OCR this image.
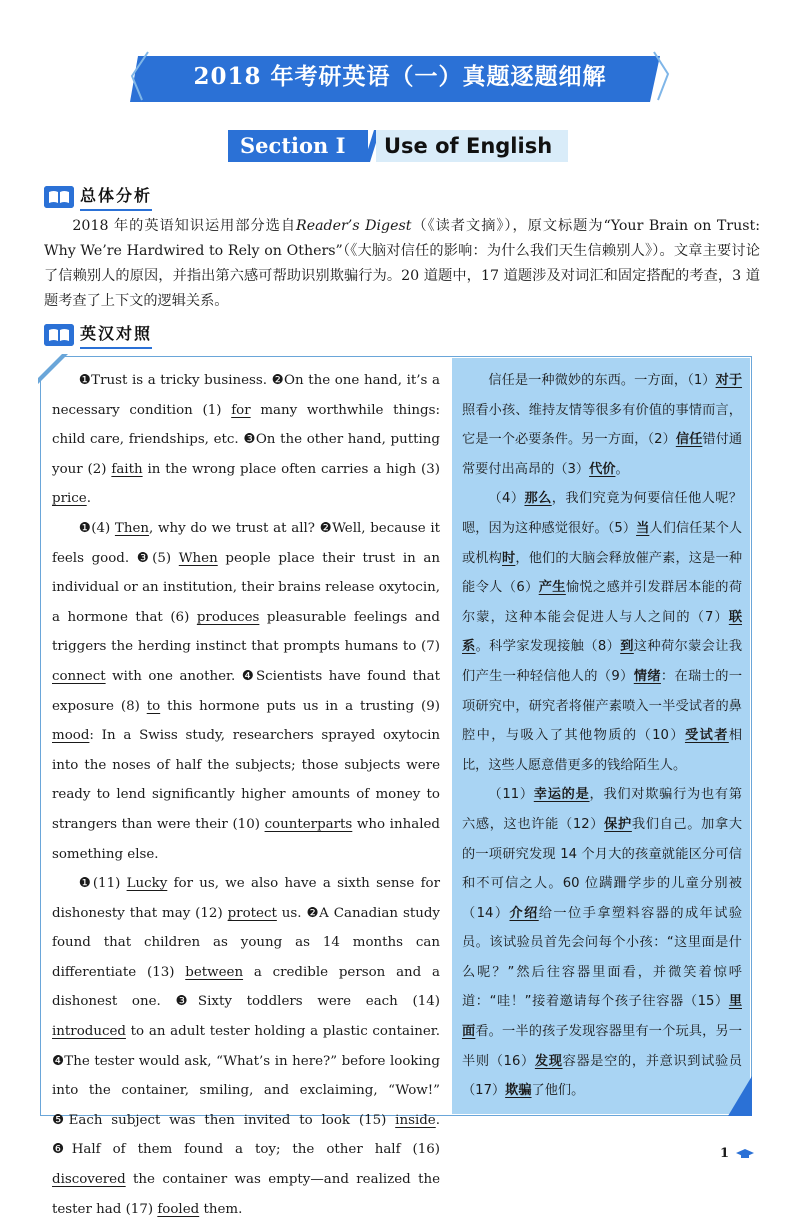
2018 年考研英语（一）真题逐题细解
Section Ⅰ	Use of English
总体分析
2018 年的英语知识运用部分选自Reader’s Digest（《读者文摘》），原文标题为“Your Brain on Trust: Why We’re Hardwired to Rely on Others”（《大脑对信任的影响：为什么我们天生信赖别人》）。文章主要讨论了信赖别人的原因，并指出第六感可帮助识别欺骗行为。20 道题中，17 道题涉及对词汇和固定搭配的考查，3 道题考查了上下文的逻辑关系。
英汉对照

❶Trust is a tricky business. ❷On the one hand, it’s a necessary condition (1) for many worthwhile things: child care, friendships, etc. ❸On the other hand, putting your (2) faith in the wrong place often carries a high (3) price.

❶(4) Then, why do we trust at all? ❷Well, because it feels good. ❸(5) When people place their trust in an individual or an institution, their brains release oxytocin, a hormone that (6) produces pleasurable feelings and triggers the herding instinct that prompts humans to (7) connect with one another. ❹Scientists have found that exposure (8) to this hormone puts us in a trusting (9) mood: In a Swiss study, researchers sprayed oxytocin into the noses of half the subjects; those subjects were ready to lend significantly higher amounts of money to strangers than were their (10) counterparts who inhaled something else.

❶(11) Lucky for us, we also have a sixth sense for dishonesty that may (12) protect us. ❷A Canadian study found that children as young as 14 months can differentiate (13) between a credible person and a dishonest one. ❸Sixty toddlers were each (14) introduced to an adult tester holding a plastic container. ❹The tester would ask, “What’s in here?” before looking into the container, smiling, and exclaiming, “Wow!” ❺Each subject was then invited to look (15) inside. ❻Half of them found a toy; the other half (16) discovered the container was empty—and realized the tester had (17) fooled them.

信任是一种微妙的东西。一方面，（1）对于照看小孩、维持友情等很多有价值的事情而言，它是一个必要条件。另一方面，（2）信任错付通常要付出高昂的（3）代价。

（4）那么，我们究竟为何要信任他人呢？嗯，因为这种感觉很好。（5）当人们信任某个人或机构时，他们的大脑会释放催产素，这是一种能令人（6）产生愉悦之感并引发群居本能的荷尔蒙，这种本能会促进人与人之间的（7）联系。科学家发现接触（8）到这种荷尔蒙会让我们产生一种轻信他人的（9）情绪：在瑞士的一项研究中，研究者将催产素喷入一半受试者的鼻腔中，与吸入了其他物质的（10）受试者相比，这些人愿意借更多的钱给陌生人。

（11）幸运的是，我们对欺骗行为也有第六感，这也许能（12）保护我们自己。加拿大的一项研究发现 14 个月大的孩童就能区分可信和不可信之人。60 位蹒跚学步的儿童分别被（14）介绍给一位手拿塑料容器的成年试验员。该试验员首先会问每个小孩：“这里面是什么呢？”然后往容器里面看，并微笑着惊呼道：“哇！”接着邀请每个孩子往容器（15）里面看。一半的孩子发现容器里有一个玩具，另一半则（16）发现容器是空的，并意识到试验员（17）欺骗了他们。

1
